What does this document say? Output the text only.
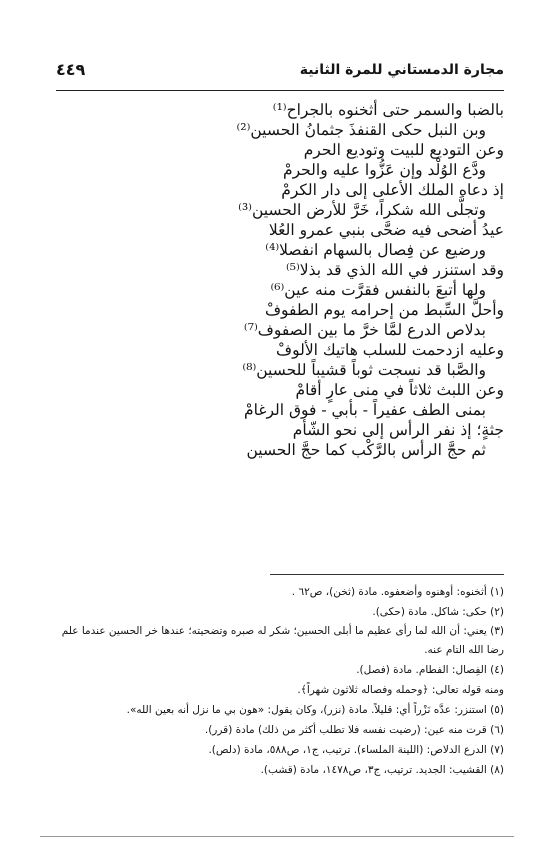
مجارة الدمستاني للمرة الثانية
٤٤٩
بالضبا والسمر حتى أثخنوه بالجراح⁽¹⁾
وبن النبل حكى القنفذَ جثمانُ الحسين⁽²⁾
وعن التوديع للبيت وتوديع الحرم
ودَّع الوُلْد وإن عَزُّوا عليه والحرمْ
إذ دعاه الملك الأعلى إلى دار الكرمْ
وتجلَّى الله شكراً، خَرَّ للأرض الحسين⁽³⁾
عيدُ أضحى فيه ضحَّى بنبي عمرو العُلا
ورضيع عن فِصال بالسهام انفصلا⁽⁴⁾
وقد استنزر في الله الذي قد بذلا⁽⁵⁾
ولها أتبعَ بالنفس فقرَّت منه عين⁽⁶⁾
وأحلَّ السِّبط من إحرامه يوم الطفوفْ
بدلاص الدرع لمَّا خرَّ ما بين الصفوف⁽⁷⁾
وعليه ازدحمت للسلب هاتيك الألوفْ
والصَّبا قد نسجت ثوباً قشيباً للحسين⁽⁸⁾
وعن اللبث ثلاثاً في منى عارٍ أقامْ
بمنى الطف عفيراً - بأبي - فوق الرغامْ
جثةٍ؛ إذ نفر الرأس إلى نحو الشّأم
ثم حجَّ الرأس بالرَّكْب كما حجَّ الحسين
(١) أثخنوه: أوهنوه وأضعفوه. مادة (ثخن)، ص٦٢ .
(٢) حكى: شاكل. مادة (حكى).
(٣) يعني: أن الله لما رأى عظيم ما أبلى الحسين؛ شكر له صبره وتضحيته؛ عندها خر الحسين عندما علم رضا الله التام عنه.
(٤) الفِصال: الفطام. مادة (فصل).
ومنه قوله تعالى: ﴿وحمله وفصاله ثلاثون شهراً﴾.
(٥) استنزر: عدَّه نَزْراً أي: قليلاً. مادة (نزر)، وكان يقول: «هون بي ما نزل أنه بعين الله».
(٦) قرت منه عين: (رضيت نفسه فلا تطلب أكثر من ذلك) مادة (قرر).
(٧) الدرع الدلاص: (اللينة الملساء). ترتيب، ج١، ص٥٨٨، مادة (دلص).
(٨) القشيب: الجديد. ترتيب، ج٣، ص١٤٧٨، مادة (قشب).
